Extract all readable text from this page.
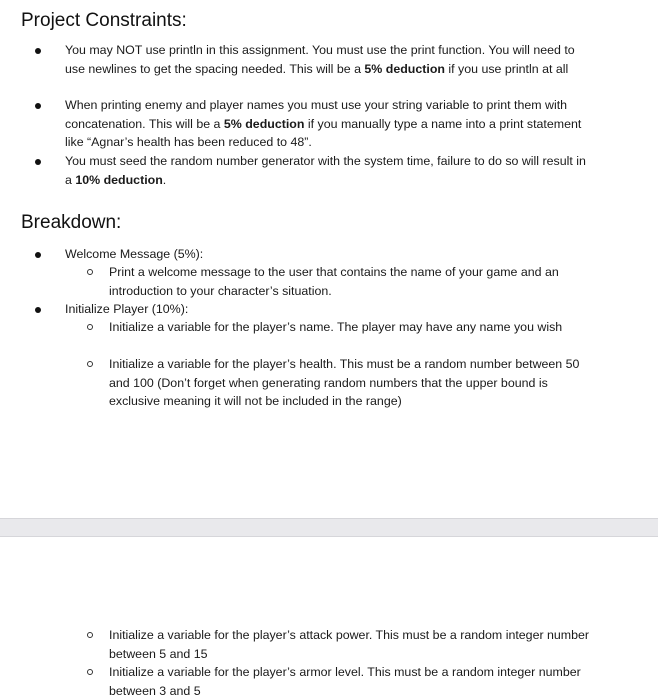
Project Constraints:
You may NOT use println in this assignment. You must use the print function. You will need to use newlines to get the spacing needed. This will be a 5% deduction if you use println at all
When printing enemy and player names you must use your string variable to print them with concatenation. This will be a 5% deduction if you manually type a name into a print statement like “Agnar’s health has been reduced to 48”.
You must seed the random number generator with the system time, failure to do so will result in a 10% deduction.
Breakdown:
Welcome Message (5%):
Print a welcome message to the user that contains the name of your game and an introduction to your character’s situation.
Initialize Player (10%):
Initialize a variable for the player’s name. The player may have any name you wish
Initialize a variable for the player’s health. This must be a random number between 50 and 100 (Don’t forget when generating random numbers that the upper bound is exclusive meaning it will not be included in the range)
Initialize a variable for the player’s attack power. This must be a random integer number between 5 and 15
Initialize a variable for the player’s armor level. This must be a random integer number between 3 and 5
